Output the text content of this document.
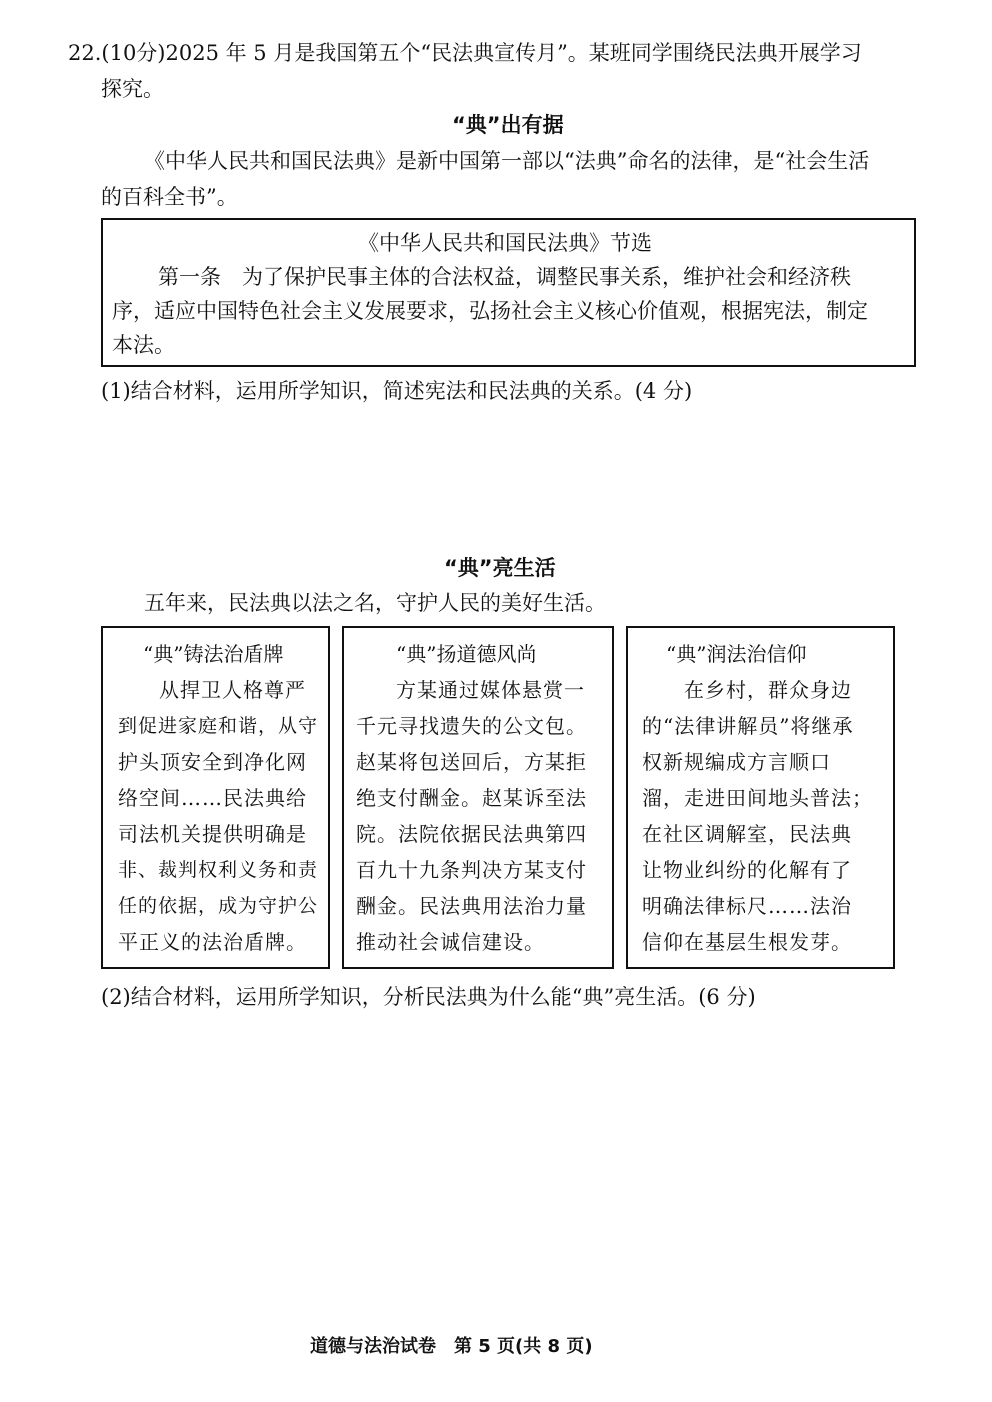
22.(10分)2025 年 5 月是我国第五个“民法典宣传月”。某班同学围绕民法典开展学习
探究。
“典”出有据
《中华人民共和国民法典》是新中国第一部以“法典”命名的法律，是“社会生活
的百科全书”。
《中华人民共和国民法典》节选
第一条　为了保护民事主体的合法权益，调整民事关系，维护社会和经济秩
序，适应中国特色社会主义发展要求，弘扬社会主义核心价值观，根据宪法，制定
本法。
(1)结合材料，运用所学知识，简述宪法和民法典的关系。(4 分)
“典”亮生活
五年来，民法典以法之名，守护人民的美好生活。
“典”铸法治盾牌
从捍卫人格尊严
到促进家庭和谐，从守
护头顶安全到净化网
络空间……民法典给
司法机关提供明确是
非、裁判权利义务和责
任的依据，成为守护公
平正义的法治盾牌。
“典”扬道德风尚
方某通过媒体悬赏一
千元寻找遗失的公文包。
赵某将包送回后，方某拒
绝支付酬金。赵某诉至法
院。法院依据民法典第四
百九十九条判决方某支付
酬金。民法典用法治力量
推动社会诚信建设。
“典”润法治信仰
在乡村，群众身边
的“法律讲解员”将继承
权新规编成方言顺口
溜，走进田间地头普法；
在社区调解室，民法典
让物业纠纷的化解有了
明确法律标尺……法治
信仰在基层生根发芽。
(2)结合材料，运用所学知识，分析民法典为什么能“典”亮生活。(6 分)
道德与法治试卷　第 5 页(共 8 页)
